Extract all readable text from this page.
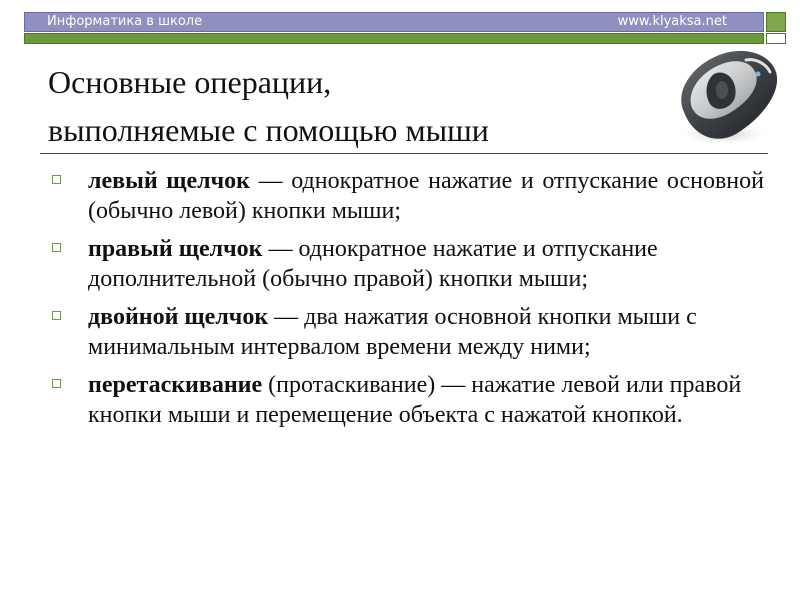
Информатика в школе	www.klyaksa.net
Основные операции,
выполняемые с помощью мыши
левый щелчок — однократное нажатие и отпускание основной (обычно левой) кнопки мыши;
правый щелчок — однократное нажатие и отпускание дополнительной (обычно правой) кнопки мыши;
двойной щелчок — два нажатия основной кнопки мыши с минимальным интервалом времени между ними;
перетаскивание (протаскивание) — нажатие левой или правой кнопки мыши и перемещение объекта с нажатой кнопкой.
